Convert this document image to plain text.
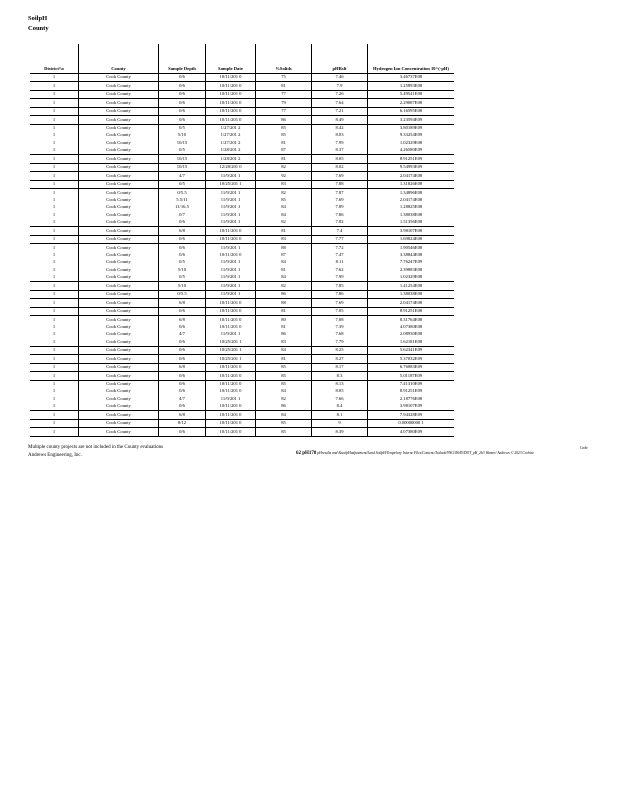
SoilpH
County
District\\o	County	Sample Depth	Sample Date	%Solids	pHRslt	Hydrogen Ion Concentration 10^(-pH)
1	Cook County	0/6	10/11/201 0	75	7.46	3.46737E08
1	Cook County	0/6	10/11/201 0	81	7.9	1.25893E08
1	Cook County	0/6	10/11/201 0	77	7.26	5.49541E08
1	Cook County	0/6	10/11/201 0	79	7.64	2.29087E08
1	Cook County	0/6	10/11/201 0	77	7.21	6.16595E08
1	Cook County	0/6	10/11/201 0	86	8.49	3.23594E09
1	Cook County	0/5	1/27/201 2	85	8.42	3.80189E09
1	Cook County	5/10	1/27/201 2	85	8.03	9.33254E09
1	Cook County	10/15	1/27/201 2	81	7.99	1.02329E08
1	Cook County	0/5	1/28/201 2	87	8.37	4.26580E09
1	Cook County	10/15	1/28/201 2	81	8.05	8.91251E09
1	Cook County	10/15	12/28/201 0	82	8.02	9.54993E09
1	Cook County	4/7	11/9/201 1	92	7.69	2.04174E08
1	Cook County	0/5	10/25/201 1	83	7.88	1.31826E08
1	Cook County	0/5.5	11/9/201 1	82	7.87	1.34896E08
1	Cook County	5.5/11	11/9/201 1	85	7.69	2.04174E08
1	Cook County	11/16.5	11/9/201 1	84	7.89	1.28825E08
1	Cook County	0/7	11/9/201 1	84	7.86	1.38038E08
1	Cook County	0/6	11/9/201 1	82	7.82	1.51356E08
1	Cook County	6/8	10/11/201 0	81	7.4	3.98107E08
1	Cook County	0/6	10/11/201 0	83	7.77	1.69824E08
1	Cook County	0/6	11/9/201 1	88	7.72	1.90546E08
1	Cook County	0/6	10/11/201 0	87	7.47	3.38844E08
1	Cook County	0/5	11/9/201 1	84	8.11	7.76247E09
1	Cook County	5/10	11/9/201 1	81	7.62	2.39883E08
1	Cook County	0/5	11/9/201 1	84	7.99	1.02329E08
1	Cook County	5/10	11/9/201 1	82	7.85	1.41254E08
1	Cook County	0/5.5	11/9/201 1	86	7.86	1.38038E08
1	Cook County	6/8	10/11/201 0	88	7.69	2.04174E08
1	Cook County	0/6	10/11/201 0	81	7.05	8.91251E08
1	Cook County	6/8	10/11/201 0	80	7.08	8.31764E08
1	Cook County	0/6	10/11/201 0	81	7.39	4.07380E08
1	Cook County	4/7	11/9/201 1	86	7.68	2.08930E08
1	Cook County	0/6	10/25/201 1	83	7.79	1.62181E08
1	Cook County	0/6	10/25/201 1	84	8.25	5.62341E09
1	Cook County	0/6	10/25/201 1	81	8.27	5.37032E09
1	Cook County	6/8	10/11/201 0	85	8.17	6.76083E09
1	Cook County	0/6	10/11/201 0	85	8.3	5.01187E09
1	Cook County	0/6	10/11/201 0	85	8.13	7.41310E09
1	Cook County	0/6	10/11/201 0	84	8.05	8.91251E09
1	Cook County	4/7	11/9/201 1	82	7.66	2.18776E08
1	Cook County	0/6	10/11/201 0	86	8.4	3.98107E09
1	Cook County	6/8	10/11/201 0	84	8.1	7.94328E09
1	Cook County	8/12	10/11/201 0	85	9	0.00000000 1
1	Cook County	0/6	10/11/201 0	85	8.39	4.07380E09
Multiple county projects are not included in the County evaluations
Andrews Engineering, Inc.
Code
62 pH178 pHresults and &soilpHadjustment/Land SoilpH/Tempelary Interne Files/Content.Outlook/9NG3504Y/DOT_pH_2b3 Wamer/ Andrews © 2023 Cochise
